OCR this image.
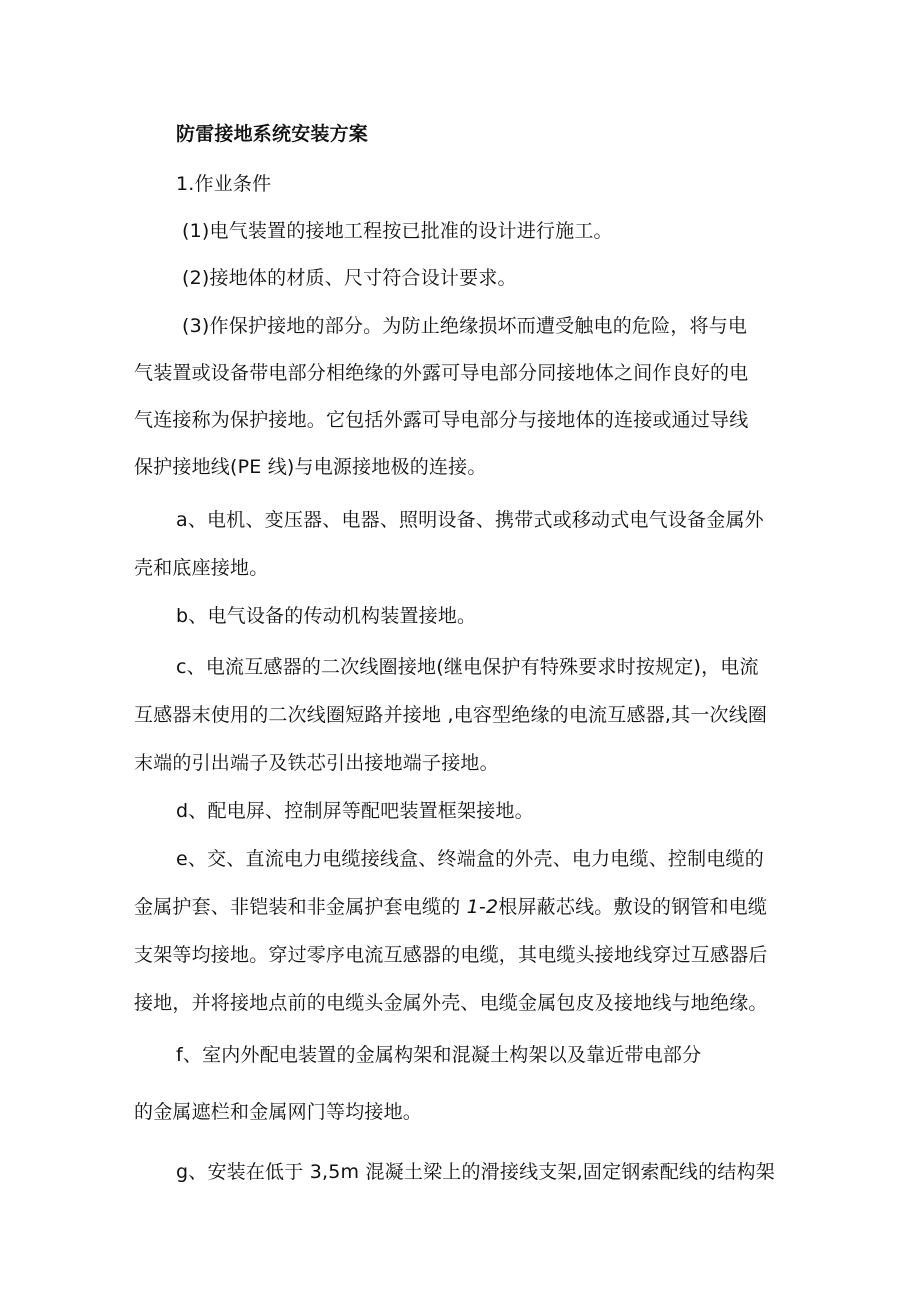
防雷接地系统安装方案
1.作业条件
(1)电气装置的接地工程按已批准的设计进行施工。
(2)接地体的材质、尺寸符合设计要求。
(3)作保护接地的部分。为防止绝缘损坏而遭受触电的危险，将与电
气装置或设备带电部分相绝缘的外露可导电部分同接地体之间作良好的电
气连接称为保护接地。它包括外露可导电部分与接地体的连接或通过导线
保护接地线(PE 线)与电源接地极的连接。
a、电机、变压器、电器、照明设备、携带式或移动式电气设备金属外
壳和底座接地。
b、电气设备的传动机构装置接地。
c、电流互感器的二次线圈接地(继电保护有特殊要求时按规定)，电流
互感器末使用的二次线圈短路并接地 ,电容型绝缘的电流互感器,其一次线圈
末端的引出端子及铁芯引出接地端子接地。
d、配电屏、控制屏等配吧装置框架接地。
e、交、直流电力电缆接线盒、终端盒的外壳、电力电缆、控制电缆的
金属护套、非铠装和非金属护套电缆的 1-2根屏蔽芯线。敷设的钢管和电缆
支架等均接地。穿过零序电流互感器的电缆，其电缆头接地线穿过互感器后
接地，并将接地点前的电缆头金属外壳、电缆金属包皮及接地线与地绝缘。
f、室内外配电装置的金属构架和混凝土构架以及靠近带电部分
的金属遮栏和金属网门等均接地。
g、安装在低于 3,5m 混凝土梁上的滑接线支架,固定钢索配线的结构架
